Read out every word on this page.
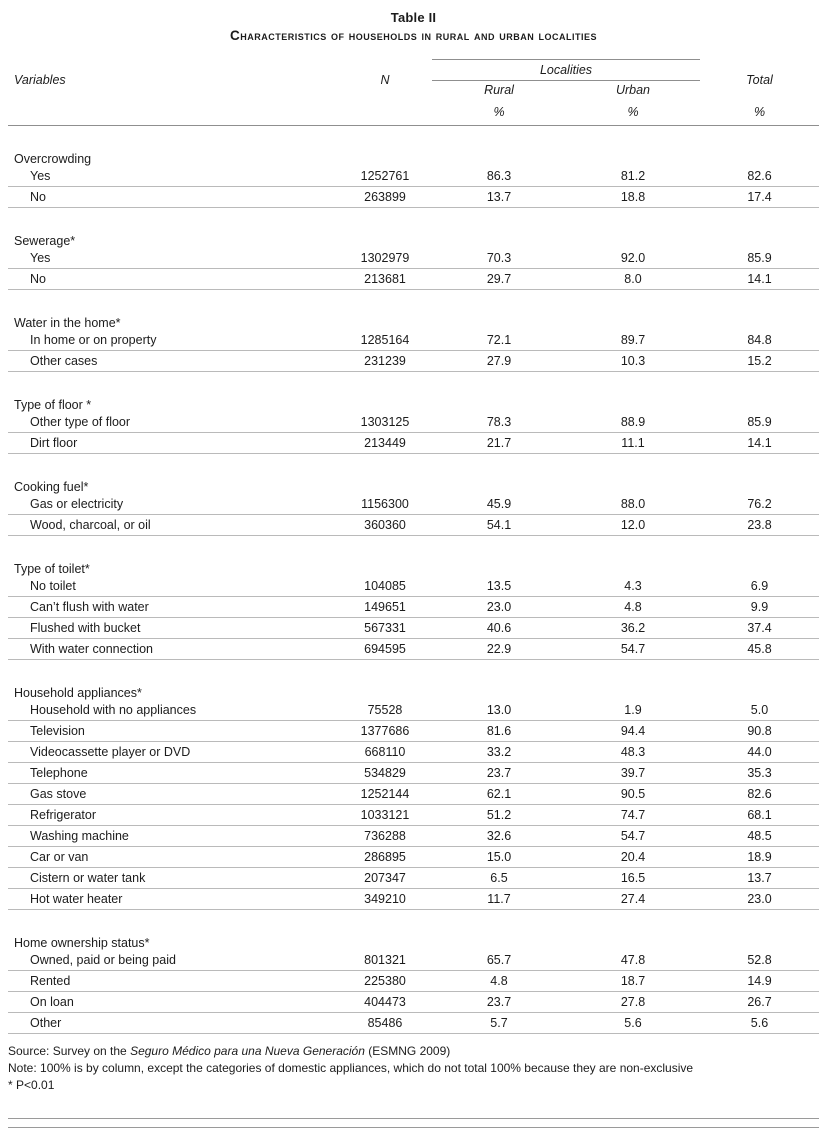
Table II
Characteristics of households in rural and urban localities
Variables	N	Localities		Total
		Rural	Urban	
		%	%	%
Overcrowding				
Yes	1252761	86.3	81.2	82.6
No	263899	13.7	18.8	17.4
Sewerage*				
Yes	1302979	70.3	92.0	85.9
No	213681	29.7	8.0	14.1
Water in the home*				
In home or on property	1285164	72.1	89.7	84.8
Other cases	231239	27.9	10.3	15.2
Type of floor *				
Other type of floor	1303125	78.3	88.9	85.9
Dirt floor	213449	21.7	11.1	14.1
Cooking fuel*				
Gas or electricity	1156300	45.9	88.0	76.2
Wood, charcoal, or oil	360360	54.1	12.0	23.8
Type of toilet*				
No toilet	104085	13.5	4.3	6.9
Can’t flush with water	149651	23.0	4.8	9.9
Flushed with bucket	567331	40.6	36.2	37.4
With water connection	694595	22.9	54.7	45.8
Household appliances*				
Household with no appliances	75528	13.0	1.9	5.0
Television	1377686	81.6	94.4	90.8
Videocassette player or DVD	668110	33.2	48.3	44.0
Telephone	534829	23.7	39.7	35.3
Gas stove	1252144	62.1	90.5	82.6
Refrigerator	1033121	51.2	74.7	68.1
Washing machine	736288	32.6	54.7	48.5
Car or van	286895	15.0	20.4	18.9
Cistern or water tank	207347	6.5	16.5	13.7
Hot water heater	349210	11.7	27.4	23.0
Home ownership status*				
Owned, paid or being paid	801321	65.7	47.8	52.8
Rented	225380	4.8	18.7	14.9
On loan	404473	23.7	27.8	26.7
Other	85486	5.7	5.6	5.6
Source: Survey on the Seguro Médico para una Nueva Generación (ESMNG 2009)
Note: 100% is by column, except the categories of domestic appliances, which do not total 100% because they are non-exclusive
* P<0.01
